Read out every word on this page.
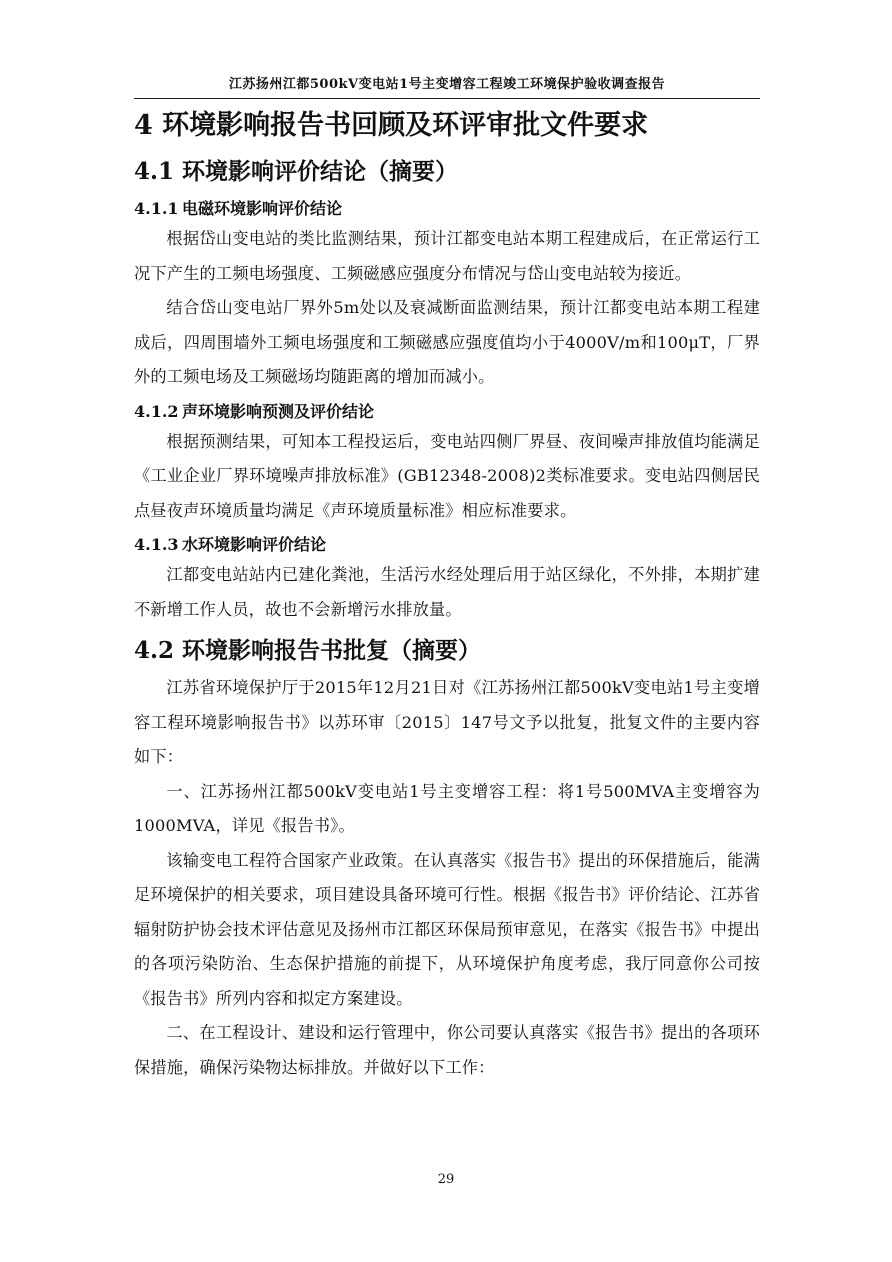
江苏扬州江都500kV变电站1号主变增容工程竣工环境保护验收调查报告
4 环境影响报告书回顾及环评审批文件要求
4.1 环境影响评价结论（摘要）
4.1.1 电磁环境影响评价结论

根据岱山变电站的类比监测结果，预计江都变电站本期工程建成后，在正常运行工况下产生的工频电场强度、工频磁感应强度分布情况与岱山变电站较为接近。

结合岱山变电站厂界外5m处以及衰减断面监测结果，预计江都变电站本期工程建成后，四周围墙外工频电场强度和工频磁感应强度值均小于4000V/m和100μT，厂界外的工频电场及工频磁场均随距离的增加而减小。

4.1.2 声环境影响预测及评价结论

根据预测结果，可知本工程投运后，变电站四侧厂界昼、夜间噪声排放值均能满足《工业企业厂界环境噪声排放标准》(GB12348-2008)2类标准要求。变电站四侧居民点昼夜声环境质量均满足《声环境质量标准》相应标准要求。

4.1.3 水环境影响评价结论

江都变电站站内已建化粪池，生活污水经处理后用于站区绿化，不外排，本期扩建不新增工作人员，故也不会新增污水排放量。

4.2 环境影响报告书批复（摘要）

江苏省环境保护厅于2015年12月21日对《江苏扬州江都500kV变电站1号主变增容工程环境影响报告书》以苏环审〔2015〕147号文予以批复，批复文件的主要内容如下：

一、江苏扬州江都500kV变电站1号主变增容工程：将1号500MVA主变增容为1000MVA，详见《报告书》。

该输变电工程符合国家产业政策。在认真落实《报告书》提出的环保措施后，能满足环境保护的相关要求，项目建设具备环境可行性。根据《报告书》评价结论、江苏省辐射防护协会技术评估意见及扬州市江都区环保局预审意见，在落实《报告书》中提出的各项污染防治、生态保护措施的前提下，从环境保护角度考虑，我厅同意你公司按《报告书》所列内容和拟定方案建设。

二、在工程设计、建设和运行管理中，你公司要认真落实《报告书》提出的各项环保措施，确保污染物达标排放。并做好以下工作：

29
